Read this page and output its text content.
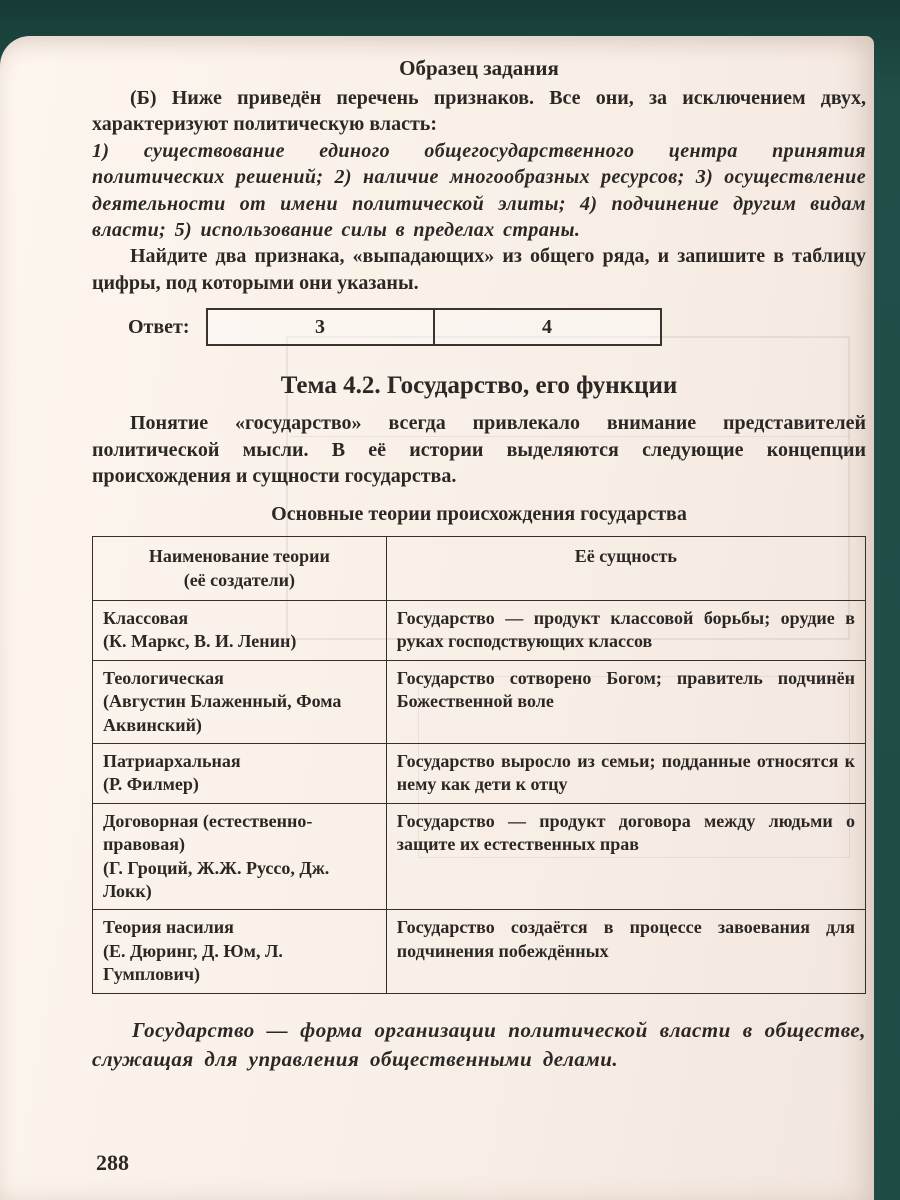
Образец задания

(Б) Ниже приведён перечень признаков. Все они, за исключением двух, характеризуют политическую власть:

1) существование единого общегосударственного центра принятия политических решений; 2) наличие многообразных ресурсов; 3) осуществление деятельности от имени политической элиты; 4) подчинение другим видам власти; 5) использование силы в пределах страны.

Найдите два признака, «выпадающих» из общего ряда, и запишите в таблицу цифры, под которыми они указаны.

Ответ:	3	4
Тема 4.2. Государство, его функции

Понятие «государство» всегда привлекало внимание представителей политической мысли. В её истории выделяются следующие концепции происхождения и сущности государства.

Основные теории происхождения государства
Наименование теории
(её создатели)	Её сущность

Классовая
(К. Маркс, В. И. Ленин)	Государство — продукт классовой борьбы; орудие в руках господствующих классов

Теологическая
(Августин Блаженный, Фома Аквинский)	Государство сотворено Богом; правитель подчинён Божественной воле

Патриархальная
(Р. Филмер)	Государство выросло из семьи; подданные относятся к нему как дети к отцу

Договорная (естественно-правовая)
(Г. Гроций, Ж.Ж. Руссо, Дж. Локк)	Государство — продукт договора между людьми о защите их естественных прав

Теория насилия
(Е. Дюринг, Д. Юм, Л. Гумплович)	Государство создаётся в процессе завоевания для подчинения побеждённых

Государство — форма организации политической власти в обществе, служащая для управления общественными делами.

288
